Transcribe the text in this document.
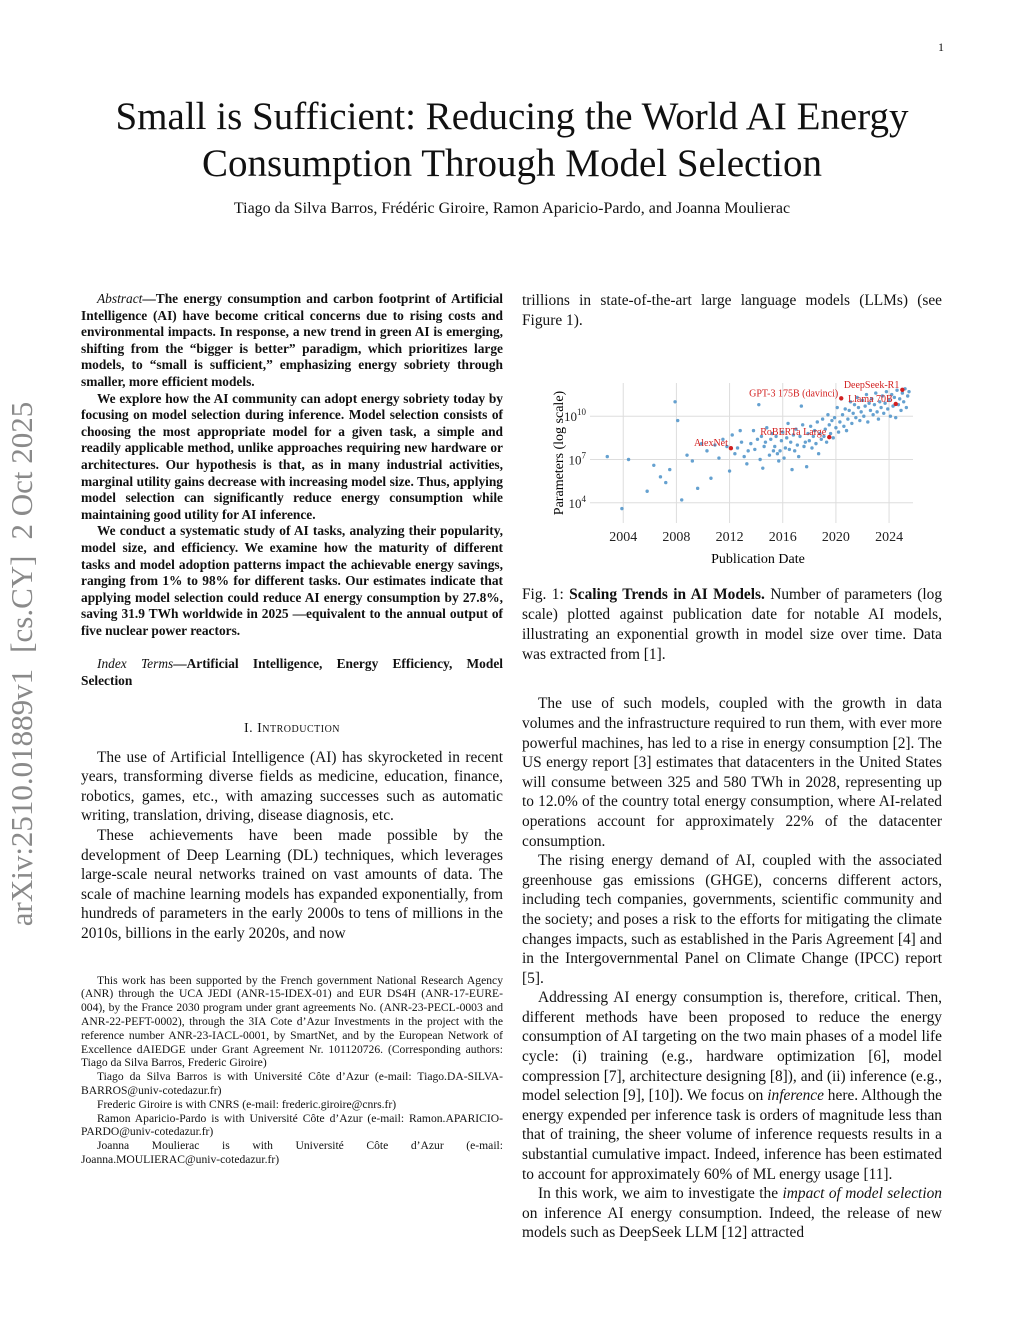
1
Small is Sufficient: Reducing the World AI Energy
Consumption Through Model Selection
Tiago da Silva Barros, Frédéric Giroire, Ramon Aparicio-Pardo, and Joanna Moulierac
arXiv:2510.01889v1
[cs.CY]
2 Oct 2025

Abstract—The energy consumption and carbon footprint of Artificial Intelligence (AI) have become critical concerns due to rising costs and environmental impacts. In response, a new trend in green AI is emerging, shifting from the “bigger is better” paradigm, which prioritizes large models, to “small is sufficient,” emphasizing energy sobriety through smaller, more efficient models.

We explore how the AI community can adopt energy sobriety today by focusing on model selection during inference. Model selection consists of choosing the most appropriate model for a given task, a simple and readily applicable method, unlike approaches requiring new hardware or architectures. Our hypothesis is that, as in many industrial activities, marginal utility gains decrease with increasing model size. Thus, applying model selection can significantly reduce energy consumption while maintaining good utility for AI inference.

We conduct a systematic study of AI tasks, analyzing their popularity, model size, and efficiency. We examine how the maturity of different tasks and model adoption patterns impact the achievable energy savings, ranging from 1% to 98% for different tasks. Our estimates indicate that applying model selection could reduce AI energy consumption by 27.8%, saving 31.9 TWh worldwide in 2025 —equivalent to the annual output of five nuclear power reactors.

Index Terms—Artificial Intelligence, Energy Efficiency, Model Selection

I. Introduction

The use of Artificial Intelligence (AI) has skyrocketed in recent years, transforming diverse fields as medicine, education, finance, robotics, games, etc., with amazing successes such as automatic writing, translation, driving, disease diagnosis, etc.

These achievements have been made possible by the development of Deep Learning (DL) techniques, which leverages large-scale neural networks trained on vast amounts of data. The scale of machine learning models has expanded exponentially, from hundreds of parameters in the early 2000s to tens of millions in the 2010s, billions in the early 2020s, and now

This work has been supported by the French government National Research Agency (ANR) through the UCA JEDI (ANR-15-IDEX-01) and EUR DS4H (ANR-17-EURE-004), by the France 2030 program under grant agreements No. (ANR-23-PECL-0003 and ANR-22-PEFT-0002), through the 3IA Cote d’Azur Investments in the project with the reference number ANR-23-IACL-0001, by SmartNet, and by the European Network of Excellence dAIEDGE under Grant Agreement Nr. 101120726. (Corresponding authors: Tiago da Silva Barros, Frederic Giroire)

Tiago da Silva Barros is with Université Côte d’Azur (e-mail: Tiago.DA-SILVA-BARROS@univ-cotedazur.fr)

Frederic Giroire is with CNRS (e-mail: frederic.giroire@cnrs.fr)

Ramon Aparicio-Pardo is with Université Côte d’Azur (e-mail: Ramon.APARICIO-PARDO@univ-cotedazur.fr)

Joanna Moulierac is with Université Côte d’Azur (e-mail: Joanna.MOULIERAC@univ-cotedazur.fr)

trillions in state-of-the-art large language models (LLMs) (see Figure 1).

2004 2008 2012 2016 2020 2024
$10^4$
$10^7$
$10^{10}$
AlexNet
RoBERTa Large
GPT-3 175B (davinci)
DeepSeek-R1
Llama 70B
Publication Date
Parameters (log scale)

Fig. 1: Scaling Trends in AI Models. Number of parameters (log scale) plotted against publication date for notable AI models, illustrating an exponential growth in model size over time. Data was extracted from [1].

The use of such models, coupled with the growth in data volumes and the infrastructure required to run them, with ever more powerful machines, has led to a rise in energy consumption [2]. The US energy report [3] estimates that datacenters in the United States will consume between 325 and 580 TWh in 2028, representing up to 12.0% of the country total energy consumption, where AI-related operations account for approximately 22% of the datacenter consumption.

The rising energy demand of AI, coupled with the associated greenhouse gas emissions (GHGE), concerns different actors, including tech companies, governments, scientific community and the society; and poses a risk to the efforts for mitigating the climate changes impacts, such as established in the Paris Agreement [4] and in the Intergovernmental Panel on Climate Change (IPCC) report [5].

Addressing AI energy consumption is, therefore, critical. Then, different methods have been proposed to reduce the energy consumption of AI targeting on the two main phases of a model life cycle: (i) training (e.g., hardware optimization [6], model compression [7], architecture designing [8]), and (ii) inference (e.g., model selection [9], [10]). We focus on inference here. Although the energy expended per inference task is orders of magnitude less than that of training, the sheer volume of inference requests results in a substantial cumulative impact. Indeed, inference has been estimated to account for approximately 60% of ML energy usage [11].

In this work, we aim to investigate the impact of model selection on inference AI energy consumption. Indeed, the release of new models such as DeepSeek LLM [12] attracted
